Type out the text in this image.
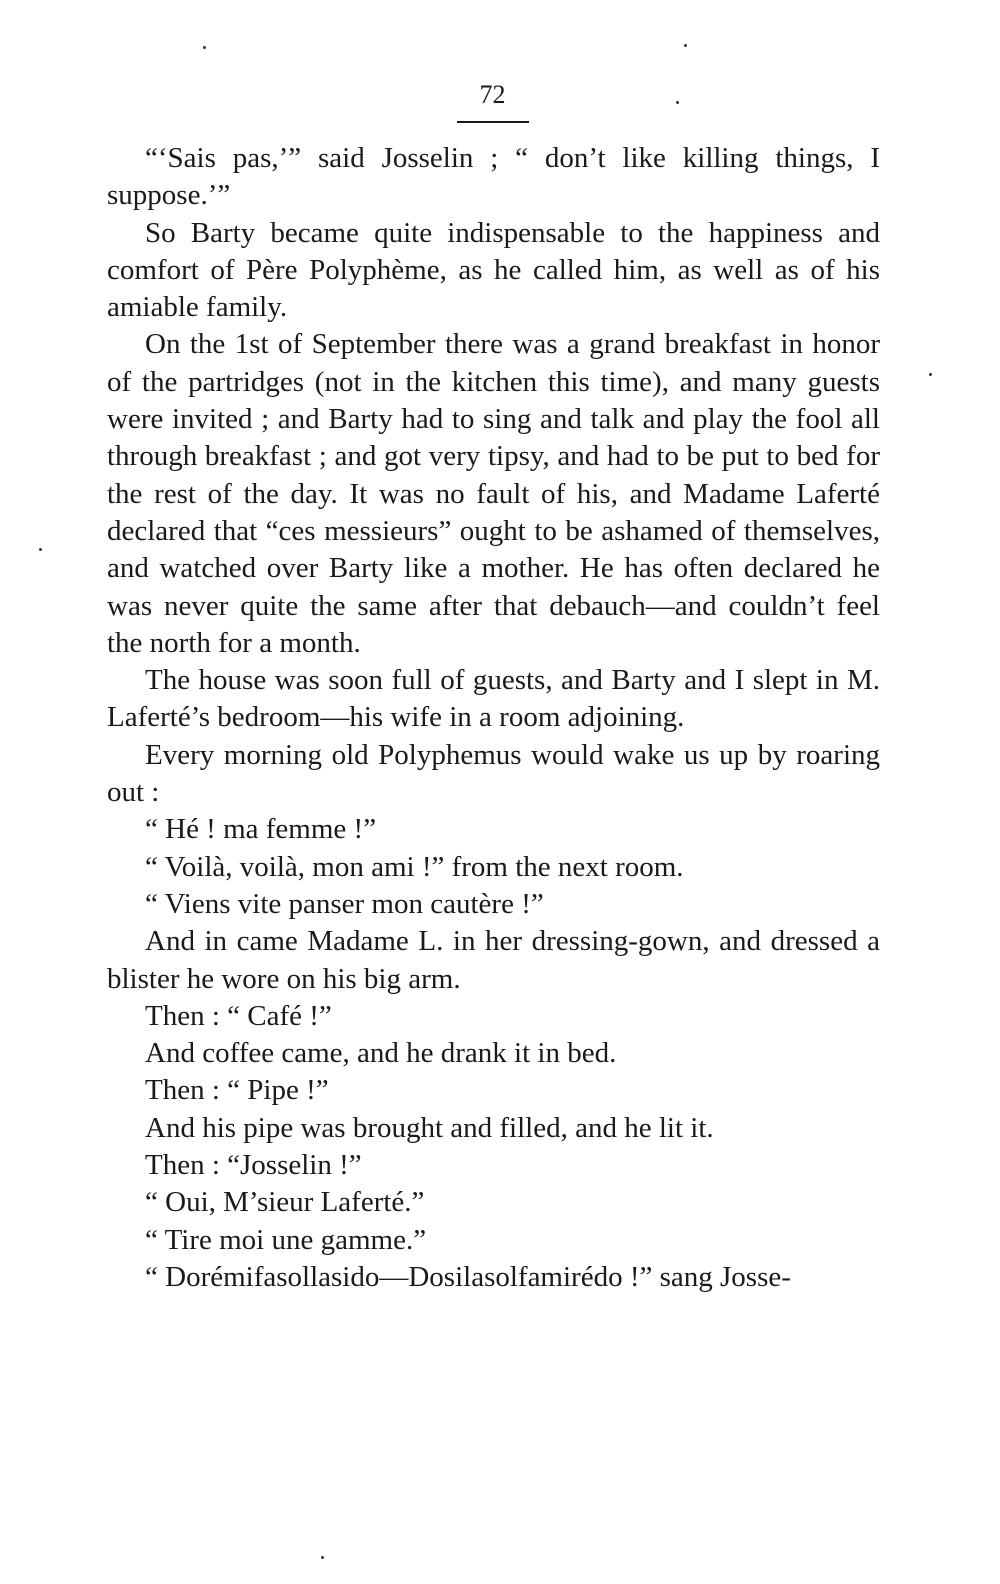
72

“‘Sais pas,’” said Josselin ; “ don’t like killing things, I suppose.’”

So Barty became quite indispensable to the happiness and comfort of Père Polyphème, as he called him, as well as of his amiable family.

On the 1st of September there was a grand breakfast in honor of the partridges (not in the kitchen this time), and many guests were invited ; and Barty had to sing and talk and play the fool all through breakfast ; and got very tipsy, and had to be put to bed for the rest of the day. It was no fault of his, and Madame Laferté declared that “ces messieurs” ought to be ashamed of themselves, and watched over Barty like a mother. He has often declared he was never quite the same after that debauch—and couldn’t feel the north for a month.

The house was soon full of guests, and Barty and I slept in M. Laferté’s bedroom—his wife in a room adjoining.

Every morning old Polyphemus would wake us up by roaring out :

“ Hé ! ma femme !”

“ Voilà, voilà, mon ami !” from the next room.

“ Viens vite panser mon cautère !”

And in came Madame L. in her dressing-gown, and dressed a blister he wore on his big arm.

Then : “ Café !”

And coffee came, and he drank it in bed.

Then : “ Pipe !”

And his pipe was brought and filled, and he lit it.

Then : “Josselin !”

“ Oui, M’sieur Laferté.”

“ Tire moi une gamme.”

“ Dorémifasollasido—Dosilasolfamirédo !” sang Josse-
